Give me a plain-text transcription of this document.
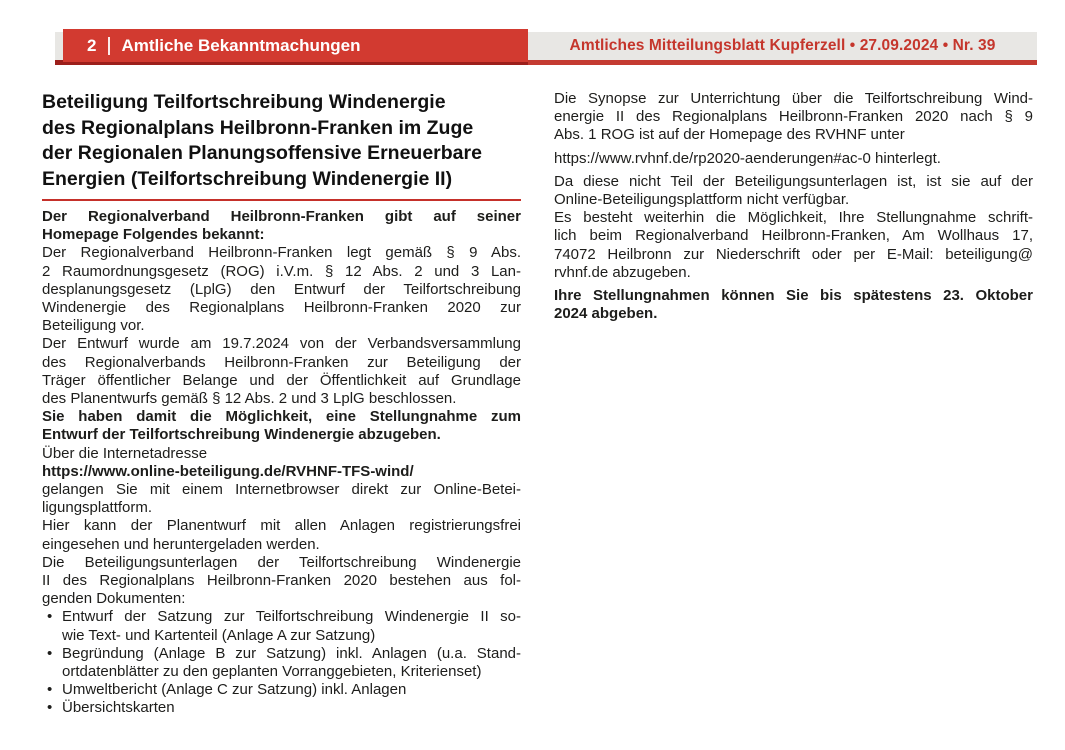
Amtliches Mitteilungsblatt Kupferzell • 27.09.2024 • Nr. 39
2 Amtliche Bekanntmachungen
Beteiligung Teilfortschreibung Windenergie
des Regionalplans Heilbronn-Franken im Zuge
der Regionalen Planungsoffensive Erneuerbare
Energien (Teilfortschreibung Windenergie II)

Der Regionalverband Heilbronn-Franken gibt auf seiner
Homepage Folgendes bekannt:

Der Regionalverband Heilbronn-Franken legt gemäß § 9 Abs.
2 Raumordnungsgesetz (ROG) i.V.m. § 12 Abs. 2 und 3 Lan-
desplanungsgesetz (LplG) den Entwurf der Teilfortschreibung
Windenergie des Regionalplans Heilbronn-Franken 2020 zur
Beteiligung vor.

Der Entwurf wurde am 19.7.2024 von der Verbandsversammlung
des Regionalverbands Heilbronn-Franken zur Beteiligung der
Träger öffentlicher Belange und der Öffentlichkeit auf Grundlage
des Planentwurfs gemäß § 12 Abs. 2 und 3 LplG beschlossen.

Sie haben damit die Möglichkeit, eine Stellungnahme zum
Entwurf der Teilfortschreibung Windenergie abzugeben.

Über die Internetadresse

https://www.online-beteiligung.de/RVHNF-TFS-wind/

gelangen Sie mit einem Internetbrowser direkt zur Online-Betei-
ligungsplattform.

Hier kann der Planentwurf mit allen Anlagen registrierungsfrei
eingesehen und heruntergeladen werden.

Die Beteiligungsunterlagen der Teilfortschreibung Windenergie
II des Regionalplans Heilbronn-Franken 2020 bestehen aus fol-
genden Dokumenten:

• Entwurf der Satzung zur Teilfortschreibung Windenergie II so-
wie Text- und Kartenteil (Anlage A zur Satzung)

• Begründung (Anlage B zur Satzung) inkl. Anlagen (u.a. Stand-
ortdatenblätter zu den geplanten Vorranggebieten, Kriterienset)

• Umweltbericht (Anlage C zur Satzung) inkl. Anlagen

• Übersichtskarten

Die Synopse zur Unterrichtung über die Teilfortschreibung Wind-
energie II des Regionalplans Heilbronn-Franken 2020 nach § 9
Abs. 1 ROG ist auf der Homepage des RVHNF unter

https://www.rvhnf.de/rp2020-aenderungen#ac-0 hinterlegt.

Da diese nicht Teil der Beteiligungsunterlagen ist, ist sie auf der
Online-Beteiligungsplattform nicht verfügbar.

Es besteht weiterhin die Möglichkeit, Ihre Stellungnahme schrift-
lich beim Regionalverband Heilbronn-Franken, Am Wollhaus 17,
74072 Heilbronn zur Niederschrift oder per E-Mail: beteiligung@
rvhnf.de abzugeben.

Ihre Stellungnahmen können Sie bis spätestens 23. Oktober
2024 abgeben.
